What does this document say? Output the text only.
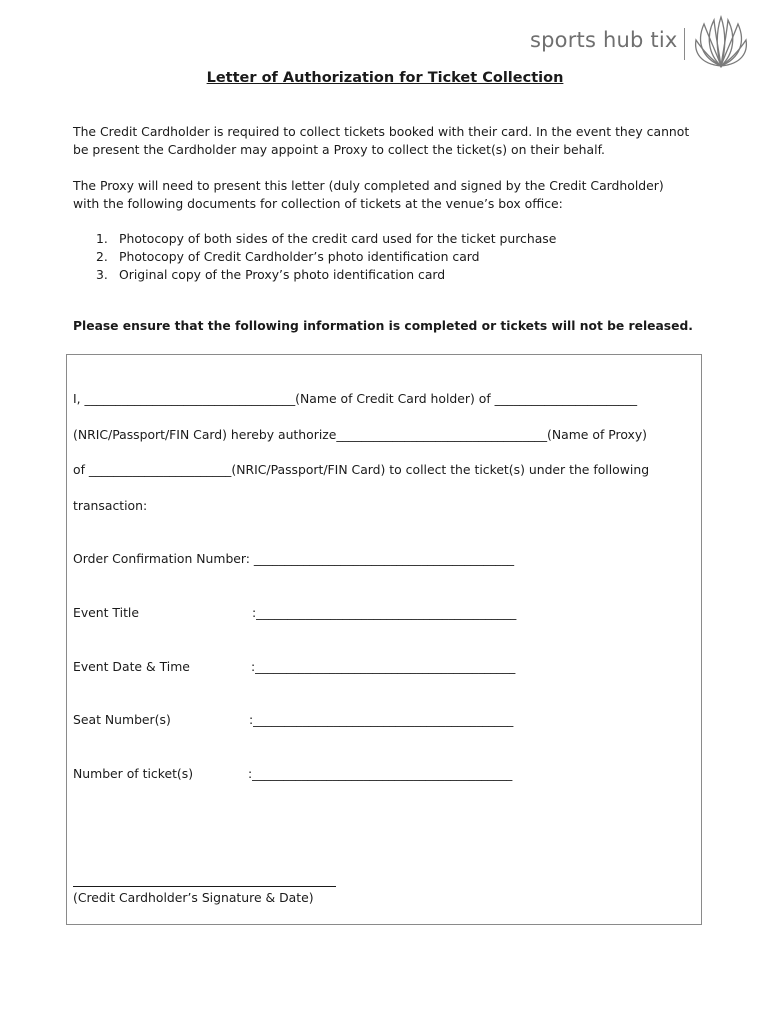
sports hub tix
Letter of Authorization for Ticket Collection

The Credit Cardholder is required to collect tickets booked with their card. In the event they cannot
be present the Cardholder may appoint a Proxy to collect the ticket(s) on their behalf.

The Proxy will need to present this letter (duly completed and signed by the Credit Cardholder)
with the following documents for collection of tickets at the venue’s box office:

1. Photocopy of both sides of the credit card used for the ticket purchase
2. Photocopy of Credit Cardholder’s photo identification card
3. Original copy of the Proxy’s photo identification card
Please ensure that the following information is completed or tickets will not be released.
I, __________________________________(Name of Credit Card holder) of _______________________
(NRIC/Passport/FIN Card) hereby authorize__________________________________(Name of Proxy)
of _______________________(NRIC/Passport/FIN Card) to collect the ticket(s) under the following
transaction:
Order Confirmation Number: __________________________________________
Event Title	:__________________________________________
Event Date & Time	:__________________________________________
Seat Number(s)	:__________________________________________
Number of ticket(s)	:__________________________________________
(Credit Cardholder’s Signature & Date)
